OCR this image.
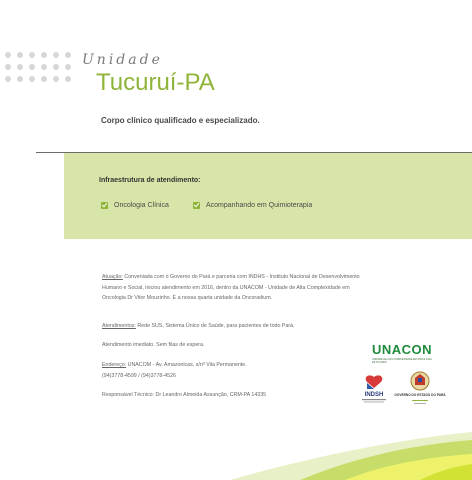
Unidade
Tucuruí-PA
Corpo clínico qualificado e especializado.
Infraestrutura de atendimento:
Oncologia Clínica	Acompanhando em Quimioterapia
Atuação: Conveniada com o Governo do Pará e parceria com INDHS - Instituto Nacional de Desenvolvimento Humano e Social, iniciou atendimento em 2016, dentro da UNACOM - Unidade de Alta Complexidade em Oncologia Dr Vitor Mouzinho. É a nossa quarta unidade da Oncoradium.
Atendimentos: Rede SUS, Sistema Único de Saúde, para pacientes de todo Pará.
Atendimento imediato. Sem filas de espera.
Endereço: UNACOM - Av. Amazonicas, s/nº Vila Permanente.
(94)3778-4599 / (94)3778-4526
Responsável Técnico: Dr Leandro Almeida Assunção, CRM-PA 14335
UNACON
UNIDADE DE ALTA COMPLEXIDADE EM ONCOLOGIA DE TUCURUÍ
INDSH	GOVERNO DO ESTADO DO PARÁ
